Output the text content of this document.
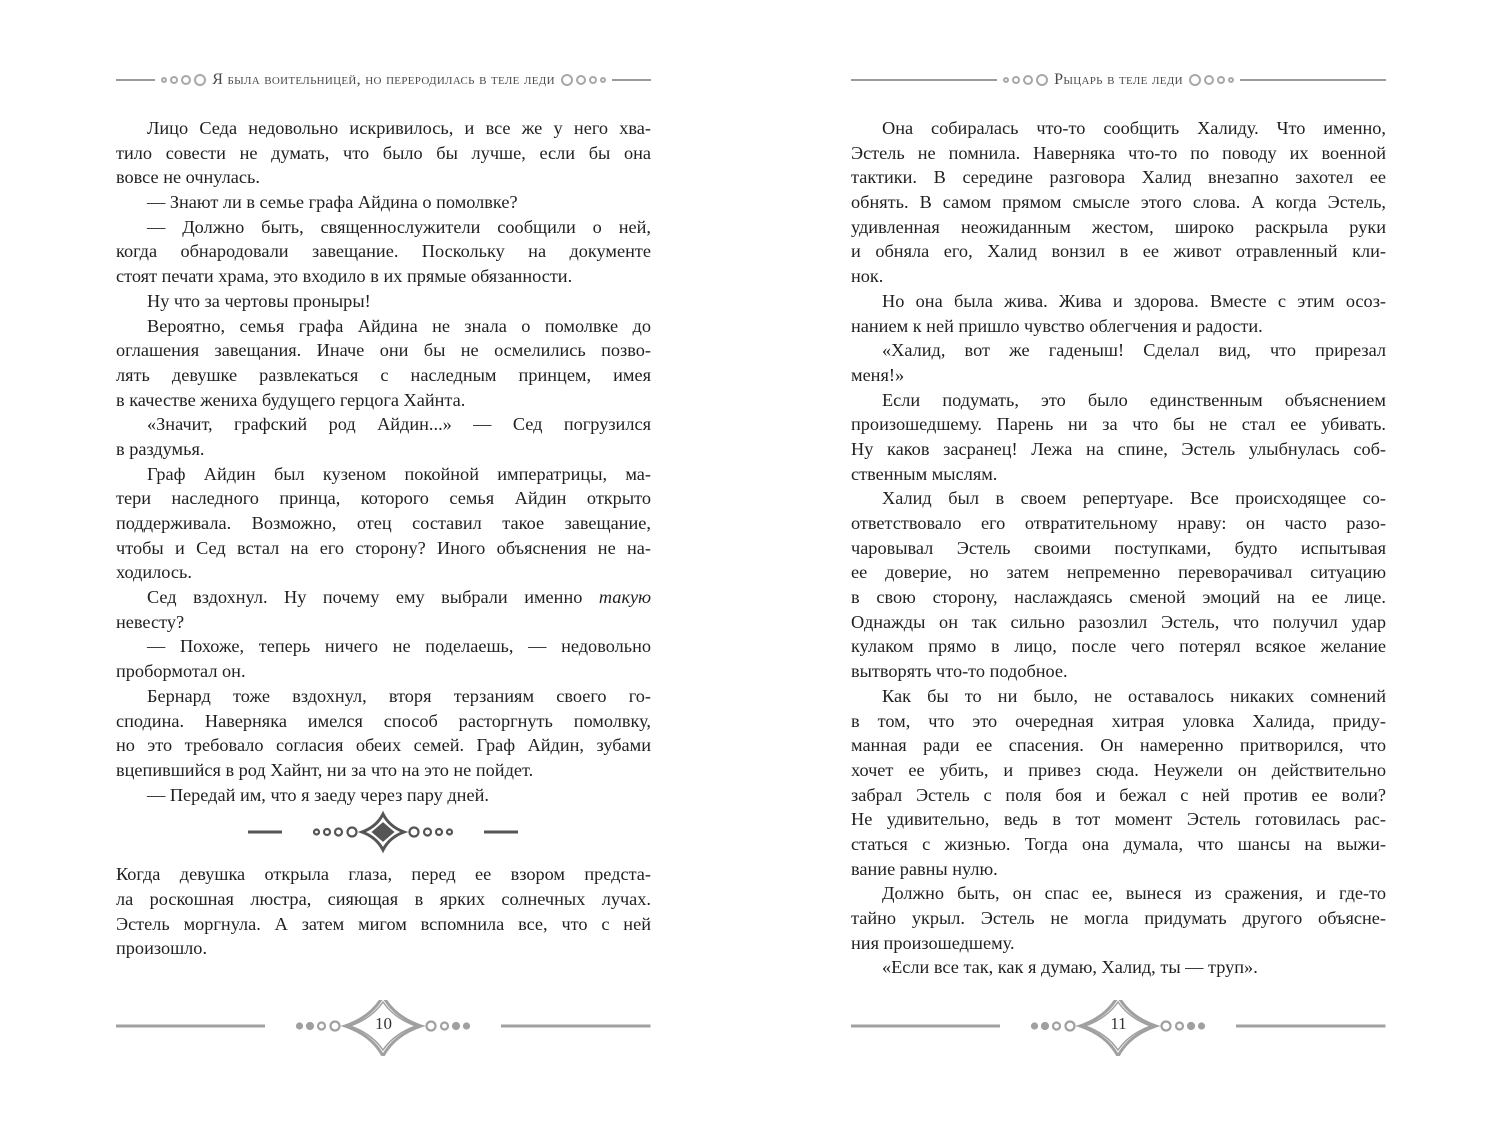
Я была воительницей, но переродилась в теле леди
Лицо Седа недовольно искривилось, и все же у него хва-
тило совести не думать, что было бы лучше, если бы она
вовсе не очнулась.
— Знают ли в семье графа Айдина о помолвке?
— Должно быть, священнослужители сообщили о ней,
когда обнародовали завещание. Поскольку на документе
стоят печати храма, это входило в их прямые обязанности.
Ну что за чертовы проныры!
Вероятно, семья графа Айдина не знала о помолвке до
оглашения завещания. Иначе они бы не осмелились позво-
лять девушке развлекаться с наследным принцем, имея
в качестве жениха будущего герцога Хайнта.
«Значит, графский род Айдин...» — Сед погрузился
в раздумья.
Граф Айдин был кузеном покойной императрицы, ма-
тери наследного принца, которого семья Айдин открыто
поддерживала. Возможно, отец составил такое завещание,
чтобы и Сед встал на его сторону? Иного объяснения не на-
ходилось.
Сед вздохнул. Ну почему ему выбрали именно такую
невесту?
— Похоже, теперь ничего не поделаешь, — недовольно
пробормотал он.
Бернард тоже вздохнул, вторя терзаниям своего го-
сподина. Наверняка имелся способ расторгнуть помолвку,
но это требовало согласия обеих семей. Граф Айдин, зубами
вцепившийся в род Хайнт, ни за что на это не пойдет.
— Передай им, что я заеду через пару дней.
Когда девушка открыла глаза, перед ее взором предста-
ла роскошная люстра, сияющая в ярких солнечных лучах.
Эстель моргнула. А затем мигом вспомнила все, что с ней
произошло.
10
Рыцарь в теле леди
Она собиралась что-то сообщить Халиду. Что именно,
Эстель не помнила. Наверняка что-то по поводу их военной
тактики. В середине разговора Халид внезапно захотел ее
обнять. В самом прямом смысле этого слова. А когда Эстель,
удивленная неожиданным жестом, широко раскрыла руки
и обняла его, Халид вонзил в ее живот отравленный кли-
нок.
Но она была жива. Жива и здорова. Вместе с этим осоз-
нанием к ней пришло чувство облегчения и радости.
«Халид, вот же гаденыш! Сделал вид, что прирезал
меня!»
Если подумать, это было единственным объяснением
произошедшему. Парень ни за что бы не стал ее убивать.
Ну каков засранец! Лежа на спине, Эстель улыбнулась соб-
ственным мыслям.
Халид был в своем репертуаре. Все происходящее со-
ответствовало его отвратительному нраву: он часто разо-
чаровывал Эстель своими поступками, будто испытывая
ее доверие, но затем непременно переворачивал ситуацию
в свою сторону, наслаждаясь сменой эмоций на ее лице.
Однажды он так сильно разозлил Эстель, что получил удар
кулаком прямо в лицо, после чего потерял всякое желание
вытворять что-то подобное.
Как бы то ни было, не оставалось никаких сомнений
в том, что это очередная хитрая уловка Халида, приду-
манная ради ее спасения. Он намеренно притворился, что
хочет ее убить, и привез сюда. Неужели он действительно
забрал Эстель с поля боя и бежал с ней против ее воли?
Не удивительно, ведь в тот момент Эстель готовилась рас-
статься с жизнью. Тогда она думала, что шансы на выжи-
вание равны нулю.
Должно быть, он спас ее, вынеся из сражения, и где-то
тайно укрыл. Эстель не могла придумать другого объясне-
ния произошедшему.
«Если все так, как я думаю, Халид, ты — труп».
11
